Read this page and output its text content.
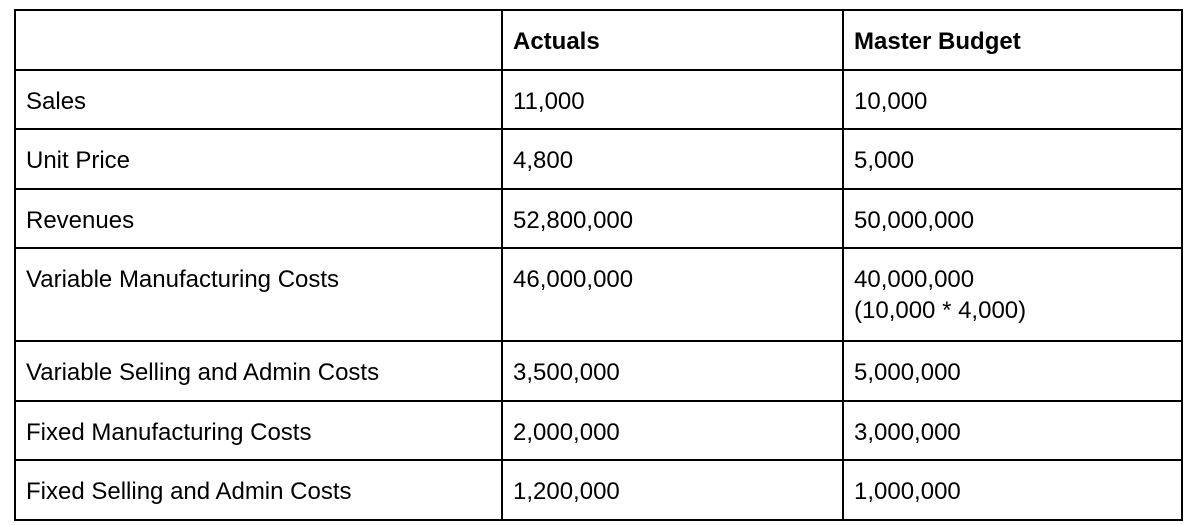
	Actuals	Master Budget
Sales	11,000	10,000
Unit Price	4,800	5,000
Revenues	52,800,000	50,000,000
Variable Manufacturing Costs	46,000,000	40,000,000
(10,000 * 4,000)

Variable Selling and Admin Costs	3,500,000	5,000,000
Fixed Manufacturing Costs	2,000,000	3,000,000
Fixed Selling and Admin Costs	1,200,000	1,000,000
